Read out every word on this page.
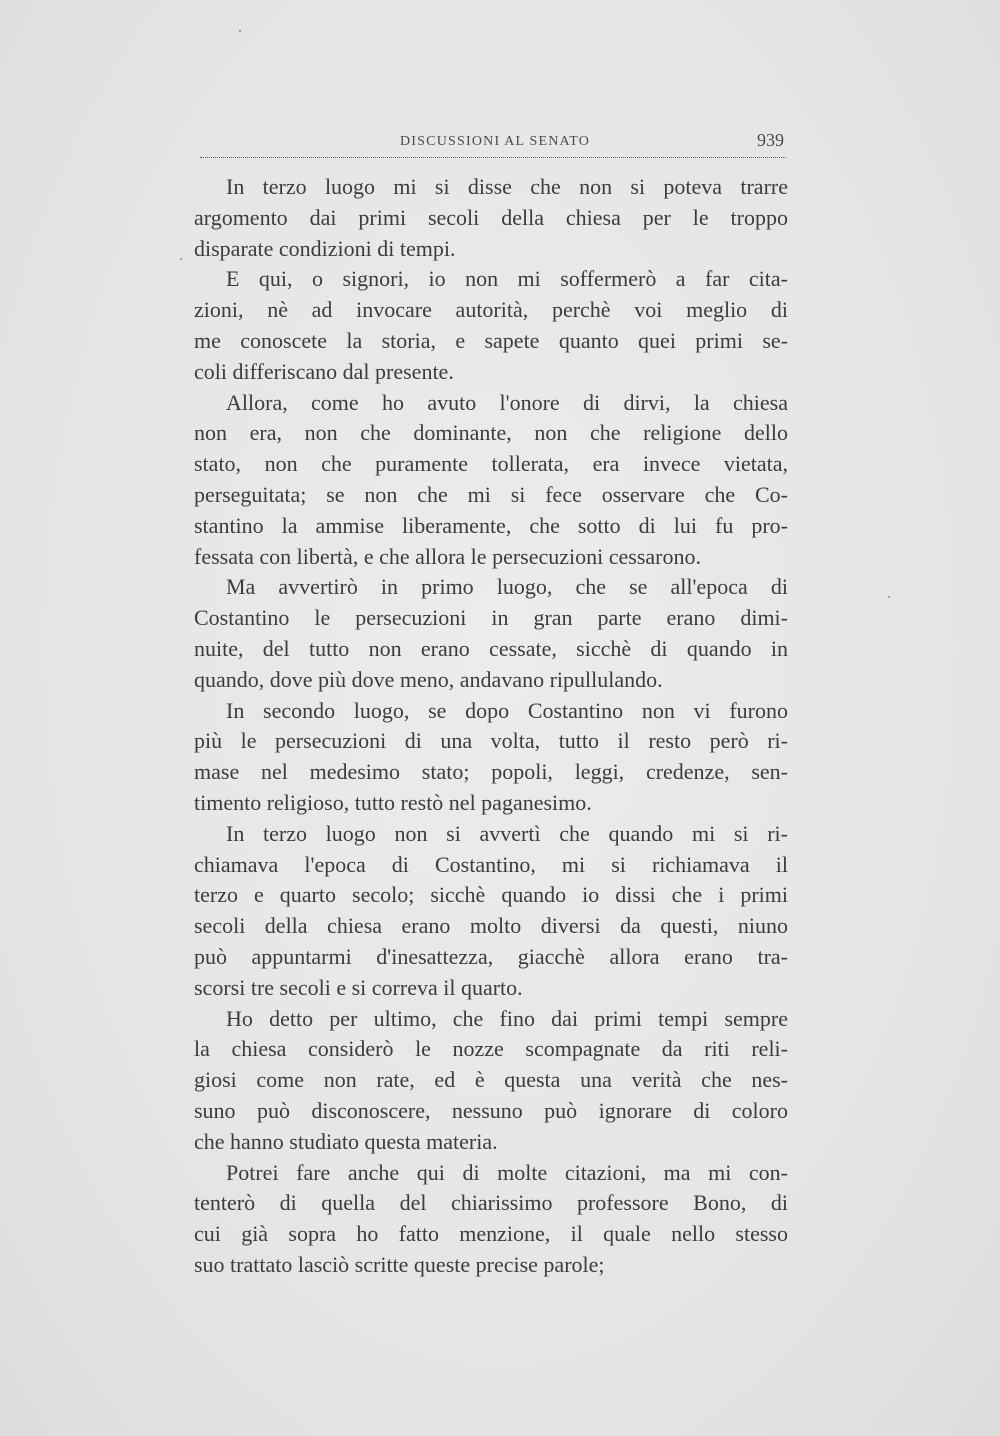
DISCUSSIONI AL SENATO	939
In terzo luogo mi si disse che non si poteva trarre
argomento dai primi secoli della chiesa per le troppo
disparate condizioni di tempi.
E qui, o signori, io non mi soffermerò a far cita-
zioni, nè ad invocare autorità, perchè voi meglio di
me conoscete la storia, e sapete quanto quei primi se-
coli differiscano dal presente.
Allora, come ho avuto l'onore di dirvi, la chiesa
non era, non che dominante, non che religione dello
stato, non che puramente tollerata, era invece vietata,
perseguitata; se non che mi si fece osservare che Co-
stantino la ammise liberamente, che sotto di lui fu pro-
fessata con libertà, e che allora le persecuzioni cessarono.
Ma avvertirò in primo luogo, che se all'epoca di
Costantino le persecuzioni in gran parte erano dimi-
nuite, del tutto non erano cessate, sicchè di quando in
quando, dove più dove meno, andavano ripullulando.
In secondo luogo, se dopo Costantino non vi furono
più le persecuzioni di una volta, tutto il resto però ri-
mase nel medesimo stato; popoli, leggi, credenze, sen-
timento religioso, tutto restò nel paganesimo.
In terzo luogo non si avvertì che quando mi si ri-
chiamava l'epoca di Costantino, mi si richiamava il
terzo e quarto secolo; sicchè quando io dissi che i primi
secoli della chiesa erano molto diversi da questi, niuno
può appuntarmi d'inesattezza, giacchè allora erano tra-
scorsi tre secoli e si correva il quarto.
Ho detto per ultimo, che fino dai primi tempi sempre
la chiesa considerò le nozze scompagnate da riti reli-
giosi come non rate, ed è questa una verità che nes-
suno può disconoscere, nessuno può ignorare di coloro
che hanno studiato questa materia.
Potrei fare anche qui di molte citazioni, ma mi con-
tenterò di quella del chiarissimo professore Bono, di
cui già sopra ho fatto menzione, il quale nello stesso
suo trattato lasciò scritte queste precise parole;
